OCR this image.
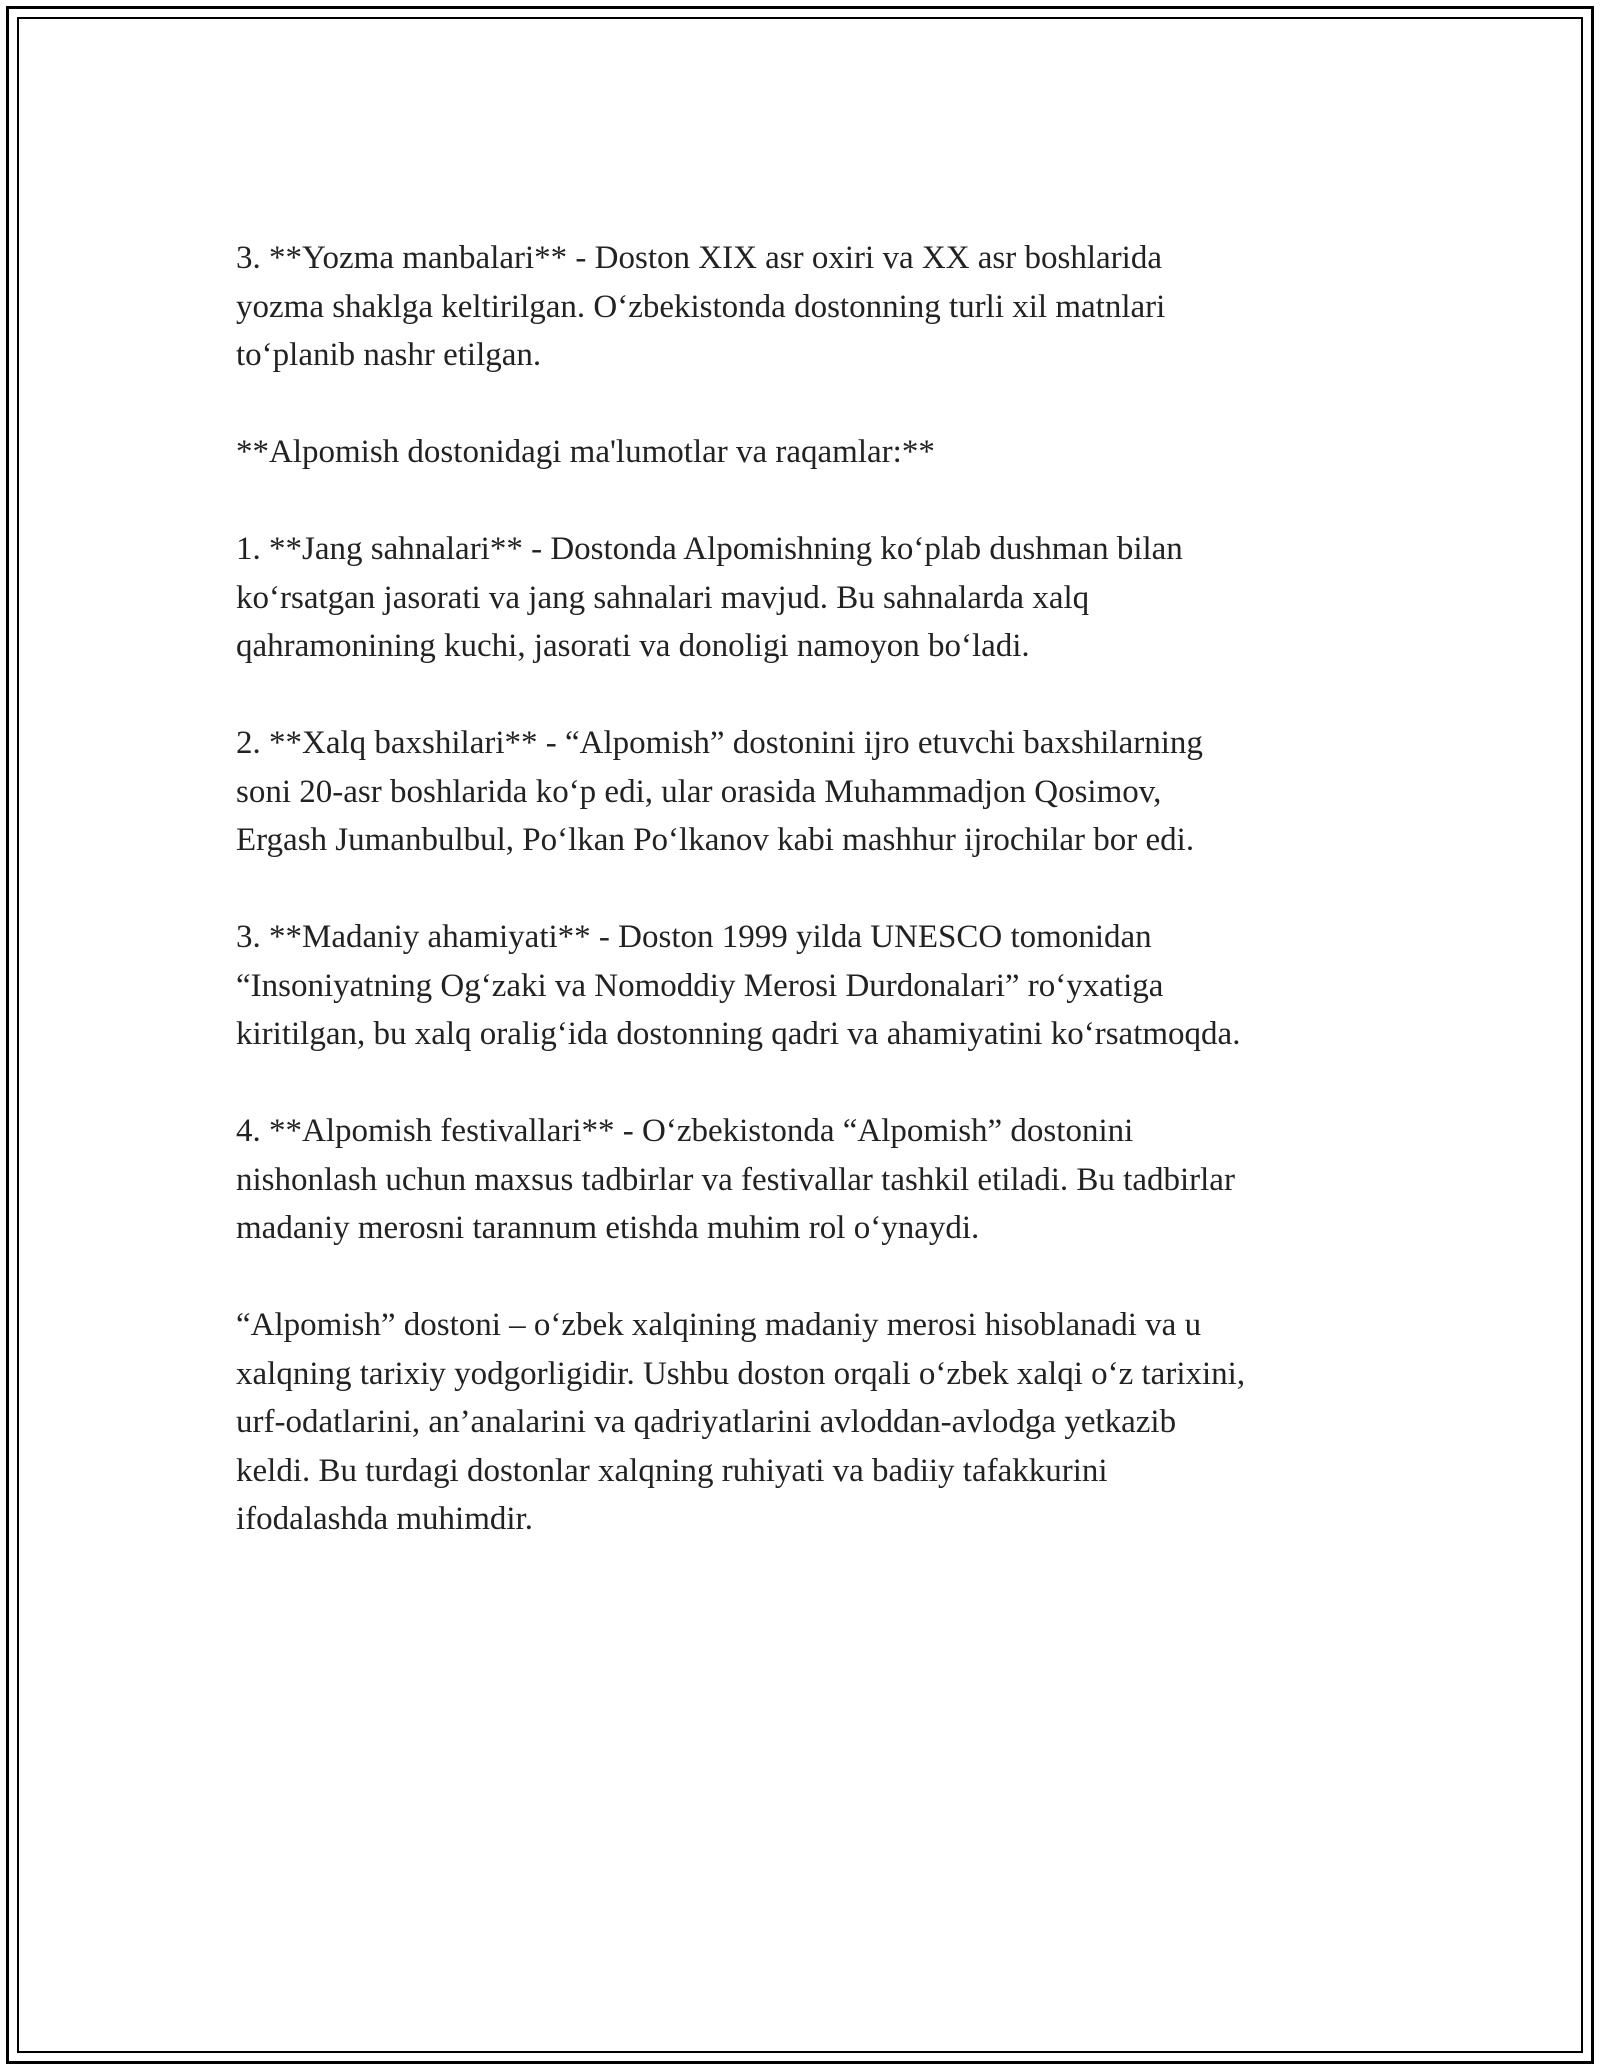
3. **Yozma manbalari** - Doston XIX asr oxiri va XX asr boshlarida
yozma shaklga keltirilgan. O‘zbekistonda dostonning turli xil matnlari
to‘planib nashr etilgan.

**Alpomish dostonidagi ma'lumotlar va raqamlar:**

1. **Jang sahnalari** - Dostonda Alpomishning ko‘plab dushman bilan
ko‘rsatgan jasorati va jang sahnalari mavjud. Bu sahnalarda xalq
qahramonining kuchi, jasorati va donoligi namoyon bo‘ladi.

2. **Xalq baxshilari** - “Alpomish” dostonini ijro etuvchi baxshilarning
soni 20-asr boshlarida ko‘p edi, ular orasida Muhammadjon Qosimov,
Ergash Jumanbulbul, Po‘lkan Po‘lkanov kabi mashhur ijrochilar bor edi.

3. **Madaniy ahamiyati** - Doston 1999 yilda UNESCO tomonidan
“Insoniyatning Og‘zaki va Nomoddiy Merosi Durdonalari” ro‘yxatiga
kiritilgan, bu xalq oralig‘ida dostonning qadri va ahamiyatini ko‘rsatmoqda.

4. **Alpomish festivallari** - O‘zbekistonda “Alpomish” dostonini
nishonlash uchun maxsus tadbirlar va festivallar tashkil etiladi. Bu tadbirlar
madaniy merosni tarannum etishda muhim rol o‘ynaydi.

“Alpomish” dostoni – o‘zbek xalqining madaniy merosi hisoblanadi va u
xalqning tarixiy yodgorligidir. Ushbu doston orqali o‘zbek xalqi o‘z tarixini,
urf-odatlarini, an’analarini va qadriyatlarini avloddan-avlodga yetkazib
keldi. Bu turdagi dostonlar xalqning ruhiyati va badiiy tafakkurini
ifodalashda muhimdir.
